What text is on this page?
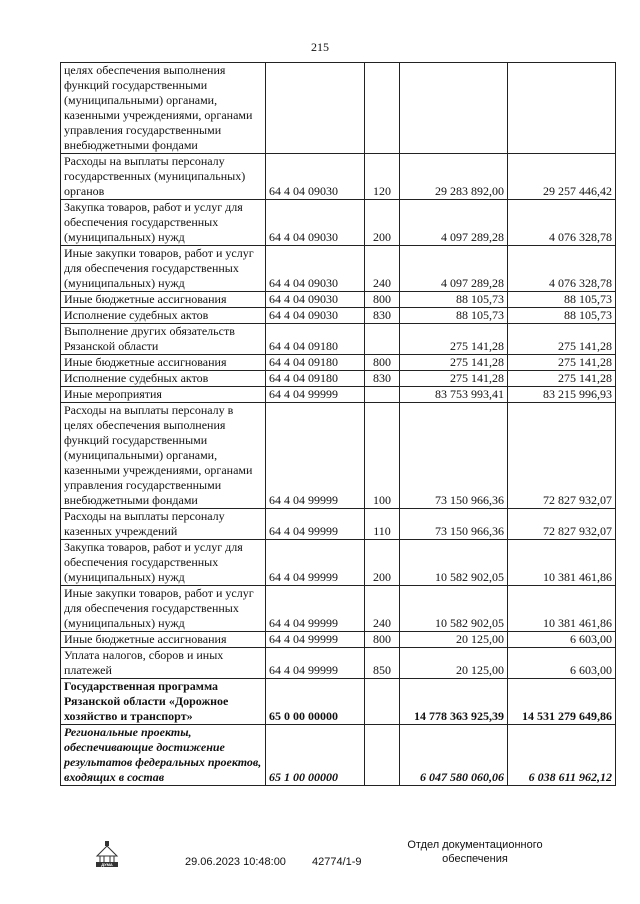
215
целях обеспечения выполнения функций государственными (муниципальными) органами, казенными учреждениями, органами управления государственными внебюджетными фондами				
Расходы на выплаты персоналу государственных (муниципальных) органов	64 4 04 09030	120	29 283 892,00	29 257 446,42
Закупка товаров, работ и услуг для обеспечения государственных (муниципальных) нужд	64 4 04 09030	200	4 097 289,28	4 076 328,78
Иные закупки товаров, работ и услуг для обеспечения государственных (муниципальных) нужд	64 4 04 09030	240	4 097 289,28	4 076 328,78
Иные бюджетные ассигнования	64 4 04 09030	800	88 105,73	88 105,73
Исполнение судебных актов	64 4 04 09030	830	88 105,73	88 105,73
Выполнение других обязательств Рязанской области	64 4 04 09180		275 141,28	275 141,28
Иные бюджетные ассигнования	64 4 04 09180	800	275 141,28	275 141,28
Исполнение судебных актов	64 4 04 09180	830	275 141,28	275 141,28
Иные мероприятия	64 4 04 99999		83 753 993,41	83 215 996,93
Расходы на выплаты персоналу в целях обеспечения выполнения функций государственными (муниципальными) органами, казенными учреждениями, органами управления государственными внебюджетными фондами	64 4 04 99999	100	73 150 966,36	72 827 932,07
Расходы на выплаты персоналу казенных учреждений	64 4 04 99999	110	73 150 966,36	72 827 932,07
Закупка товаров, работ и услуг для обеспечения государственных (муниципальных) нужд	64 4 04 99999	200	10 582 902,05	10 381 461,86
Иные закупки товаров, работ и услуг для обеспечения государственных (муниципальных) нужд	64 4 04 99999	240	10 582 902,05	10 381 461,86
Иные бюджетные ассигнования	64 4 04 99999	800	20 125,00	6 603,00
Уплата налогов, сборов и иных платежей	64 4 04 99999	850	20 125,00	6 603,00
Государственная программа Рязанской области «Дорожное хозяйство и транспорт»	65 0 00 00000		14 778 363 925,39	14 531 279 649,86
Региональные проекты, обеспечивающие достижение результатов федеральных проектов, входящих в состав	65 1 00 00000		6 047 580 060,06	6 038 611 962,12
ДУМА	29.06.2023 10:48:00 42774/1-9
Отдел документационного обеспечения
